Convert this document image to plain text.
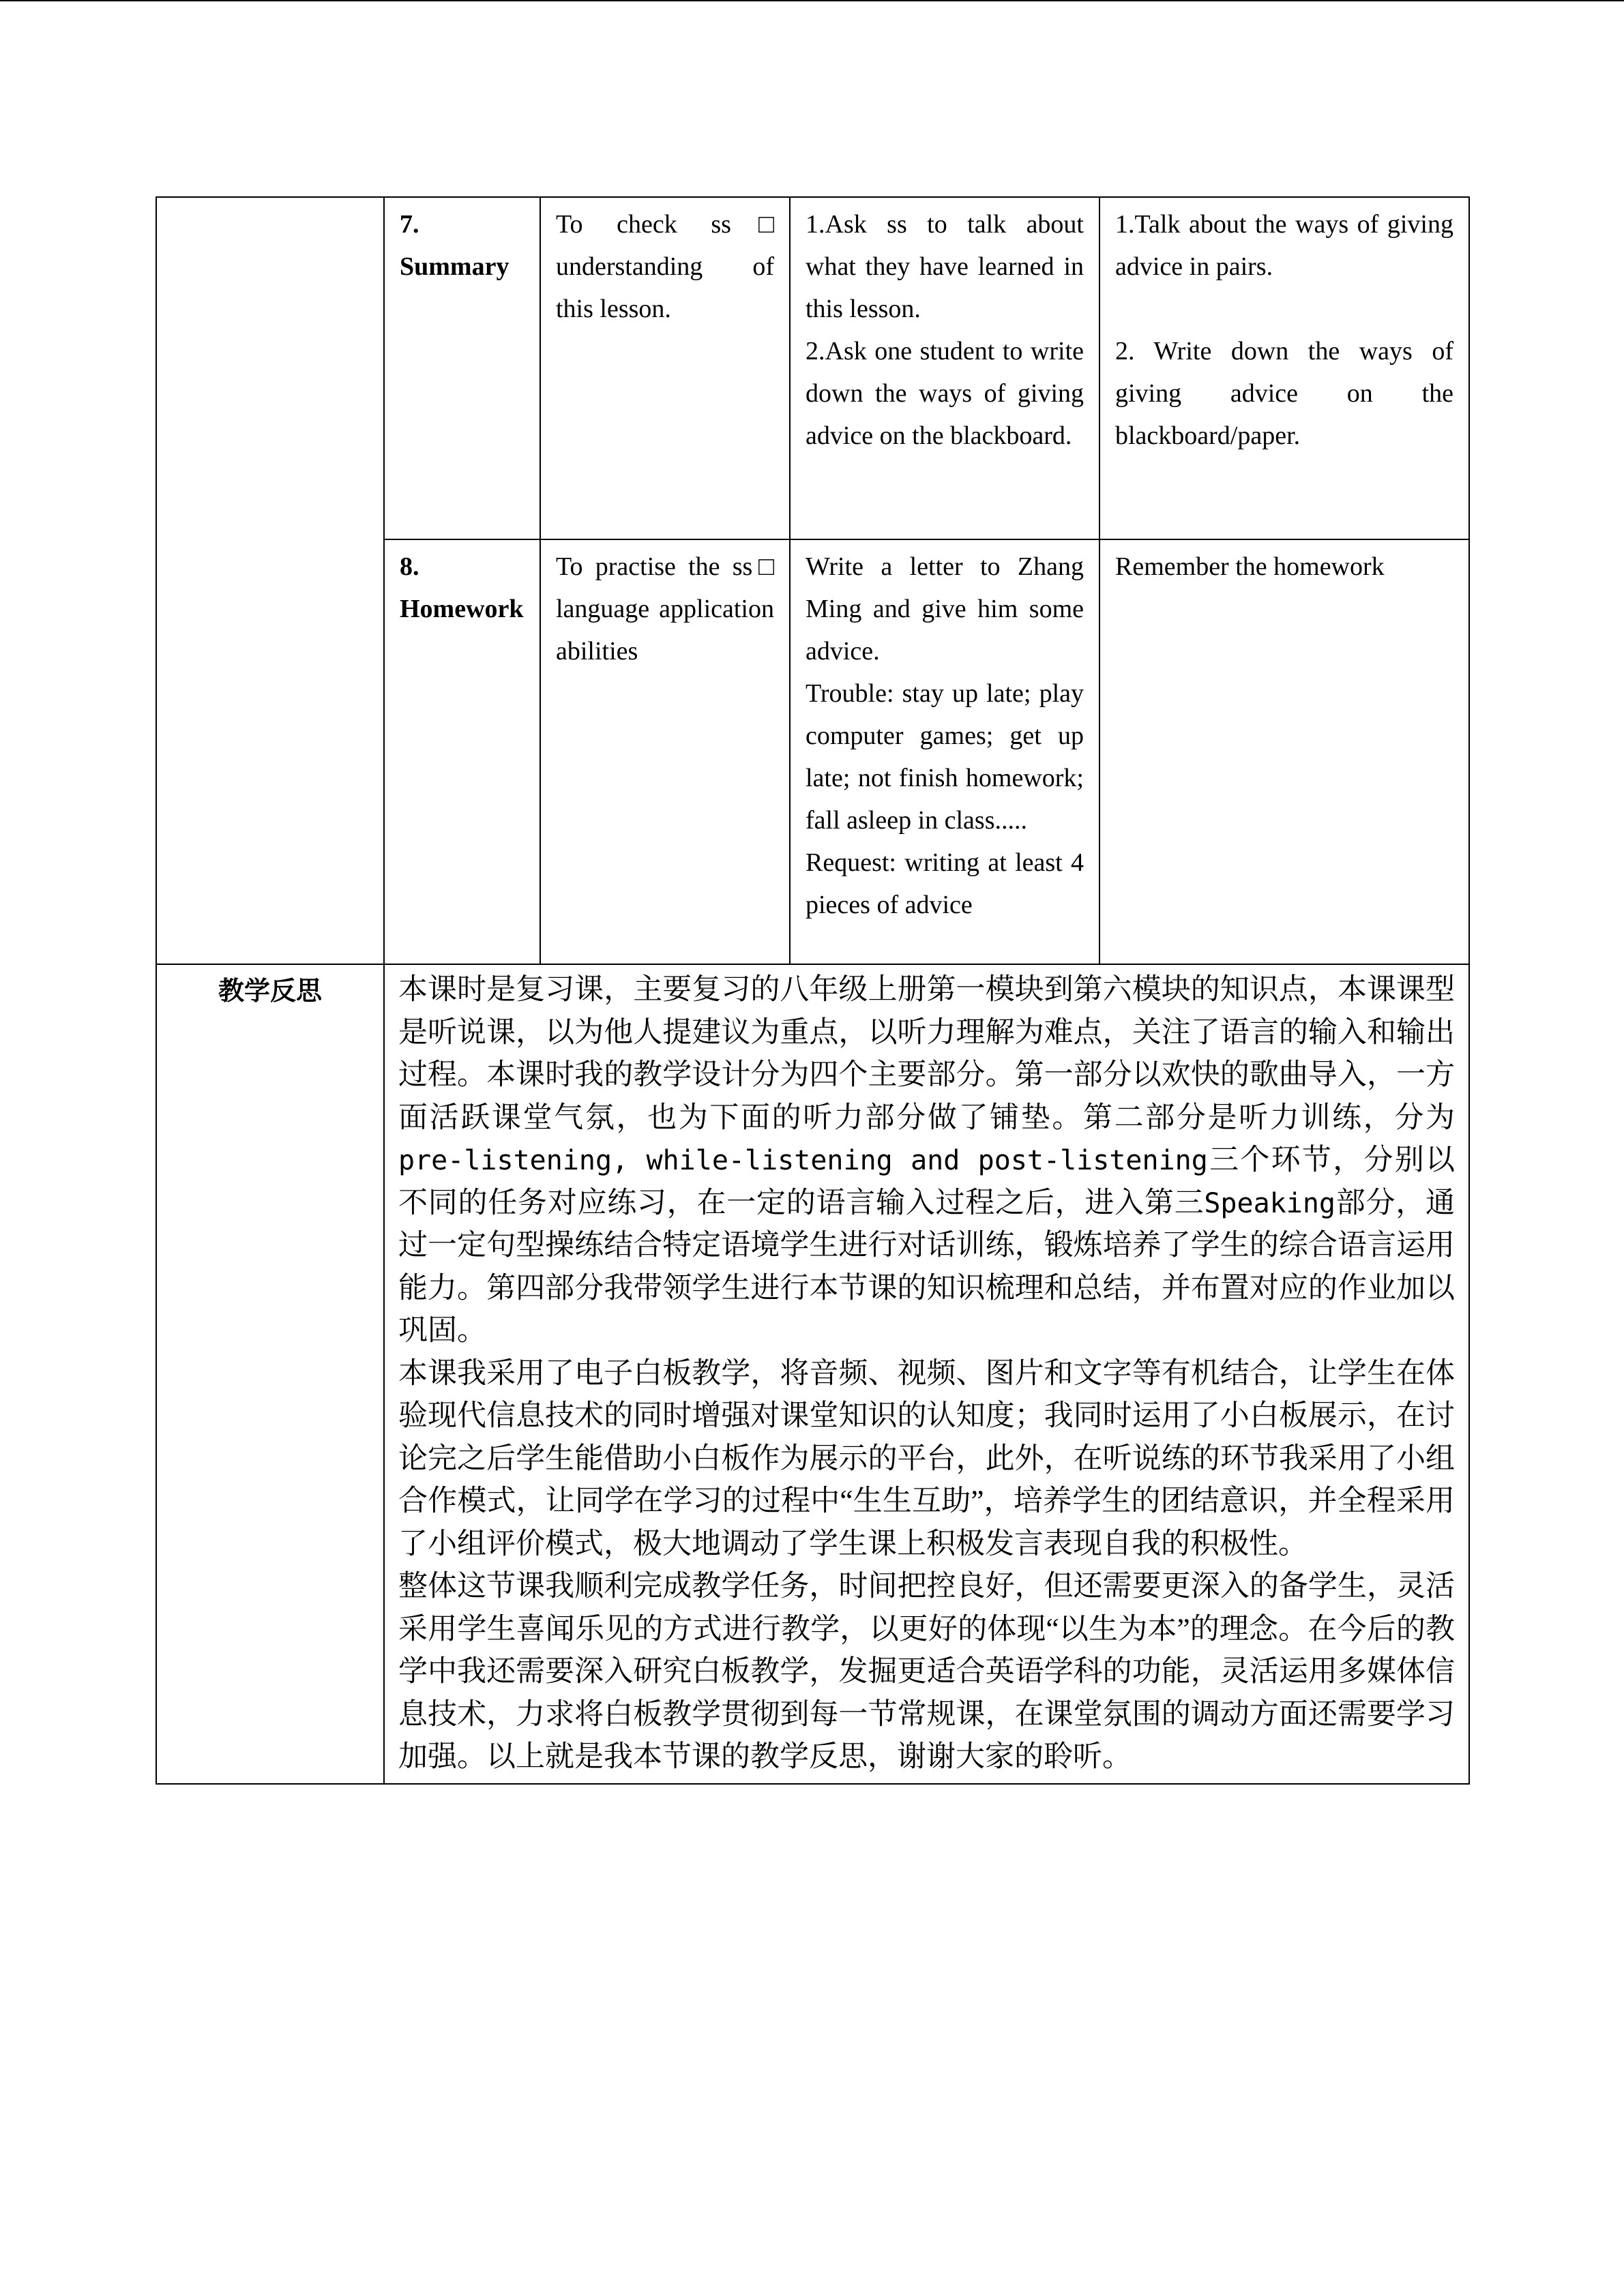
	7. Summary	To check ss□ understanding of this lesson.	1.Ask ss to talk about what they have learned in this lesson.
2.Ask one student to write down the ways of giving advice on the blackboard.	1.Talk about the ways of giving advice in pairs.
2. Write down the ways of giving advice on the blackboard/paper.

	8. Homework	To practise the ss□ language application abilities	Write a letter to Zhang Ming and give him some advice.
Trouble: stay up late; play computer games; get up late; not finish homework; fall asleep in class.....
Request: writing at least 4 pieces of advice	Remember the homework

教学反思	本课时是复习课，主要复习的八年级上册第一模块到第六模块的知识点，本课课型是听说课，以为他人提建议为重点，以听力理解为难点，关注了语言的输入和输出过程。本课时我的教学设计分为四个主要部分。第一部分以欢快的歌曲导入，一方面活跃课堂气氛，也为下面的听力部分做了铺垫。第二部分是听力训练，分为pre-listening, while-listening and post-listening三个环节，分别以不同的任务对应练习，在一定的语言输入过程之后，进入第三Speaking部分，通过一定句型操练结合特定语境学生进行对话训练，锻炼培养了学生的综合语言运用能力。第四部分我带领学生进行本节课的知识梳理和总结，并布置对应的作业加以巩固。

本课我采用了电子白板教学，将音频、视频、图片和文字等有机结合，让学生在体验现代信息技术的同时增强对课堂知识的认知度；我同时运用了小白板展示，在讨论完之后学生能借助小白板作为展示的平台，此外，在听说练的环节我采用了小组合作模式，让同学在学习的过程中“生生互助”，培养学生的团结意识，并全程采用了小组评价模式，极大地调动了学生课上积极发言表现自我的积极性。

整体这节课我顺利完成教学任务，时间把控良好，但还需要更深入的备学生，灵活采用学生喜闻乐见的方式进行教学，以更好的体现“以生为本”的理念。在今后的教学中我还需要深入研究白板教学，发掘更适合英语学科的功能，灵活运用多媒体信息技术，力求将白板教学贯彻到每一节常规课，在课堂氛围的调动方面还需要学习加强。以上就是我本节课的教学反思，谢谢大家的聆听。			
